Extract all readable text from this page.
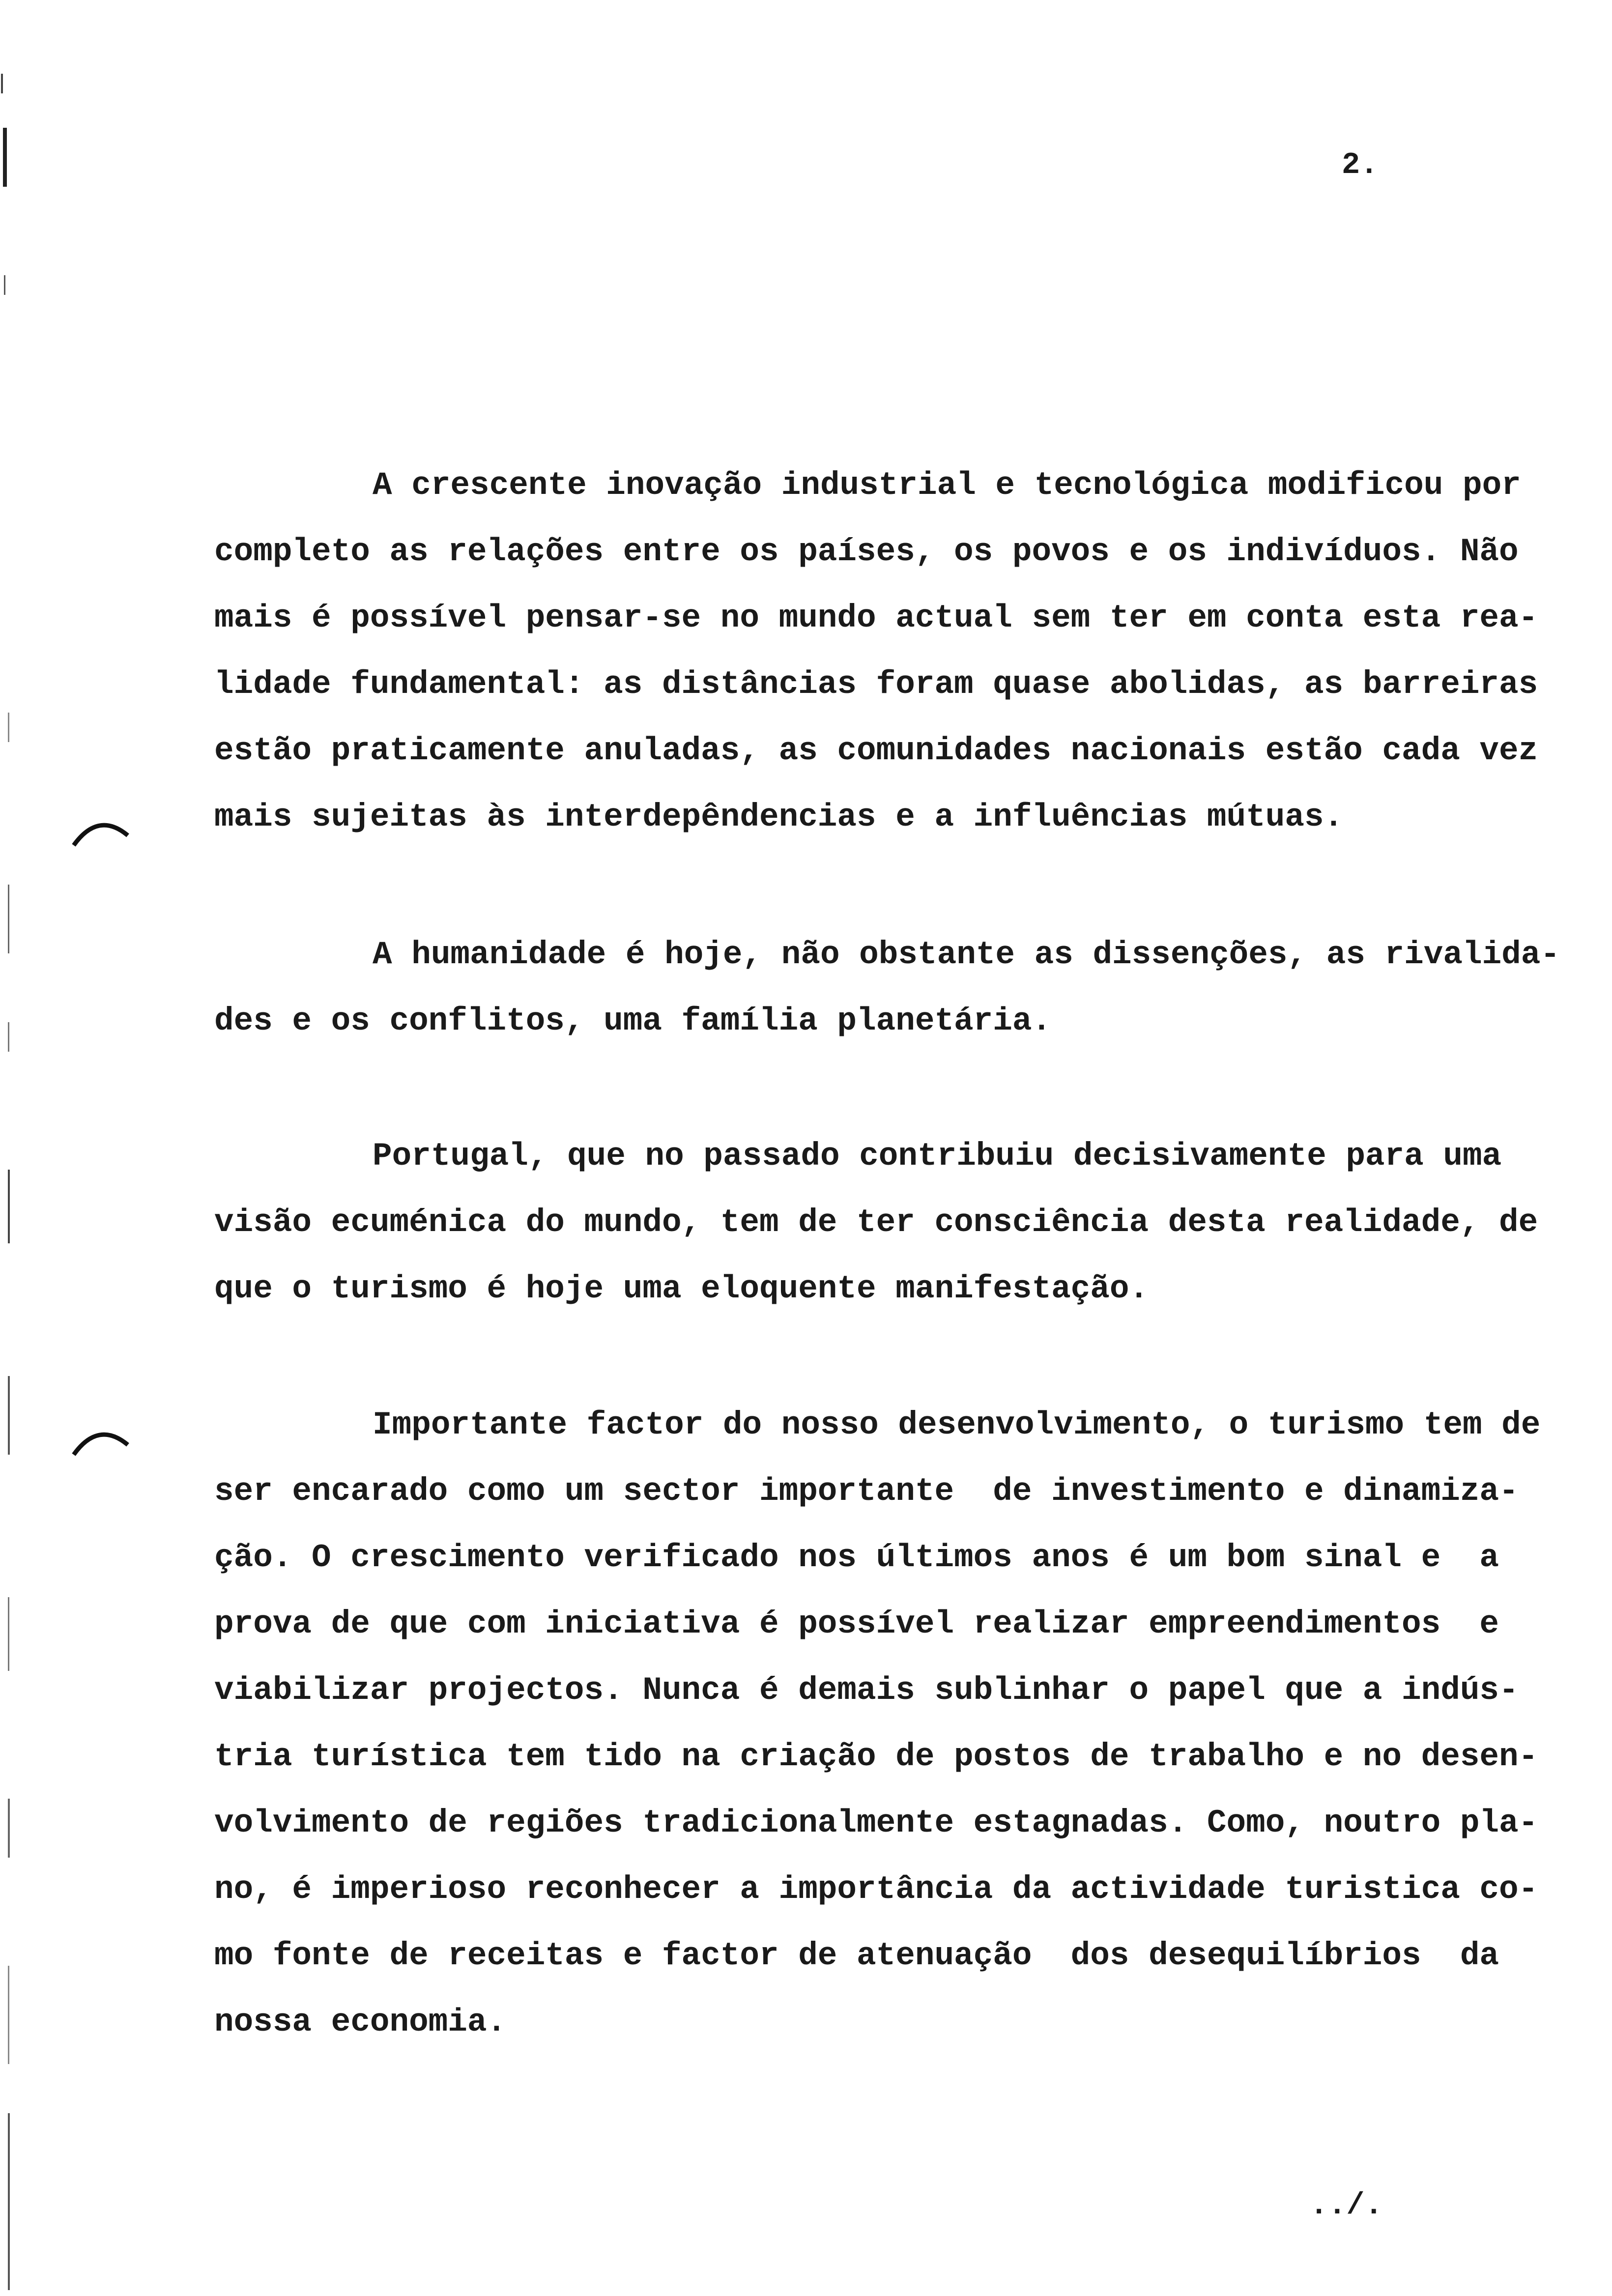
2.
A crescente inovação industrial e tecnológica modificou por
completo as relações entre os países, os povos e os indivíduos. Não
mais é possível pensar-se no mundo actual sem ter em conta esta rea-
lidade fundamental: as distâncias foram quase abolidas, as barreiras
estão praticamente anuladas, as comunidades nacionais estão cada vez
mais sujeitas às interdepêndencias e a influências mútuas.
A humanidade é hoje, não obstante as dissenções, as rivalida-
des e os conflitos, uma família planetária.
Portugal, que no passado contribuiu decisivamente para uma
visão ecuménica do mundo, tem de ter consciência desta realidade, de
que o turismo é hoje uma eloquente manifestação.
Importante factor do nosso desenvolvimento, o turismo tem de
ser encarado como um sector importante  de investimento e dinamiza-
ção. O crescimento verificado nos últimos anos é um bom sinal e  a
prova de que com iniciativa é possível realizar empreendimentos  e
viabilizar projectos. Nunca é demais sublinhar o papel que a indús-
tria turística tem tido na criação de postos de trabalho e no desen-
volvimento de regiões tradicionalmente estagnadas. Como, noutro pla-
no, é imperioso reconhecer a importância da actividade turistica co-
mo fonte de receitas e factor de atenuação  dos desequilíbrios  da
nossa economia.
../.
